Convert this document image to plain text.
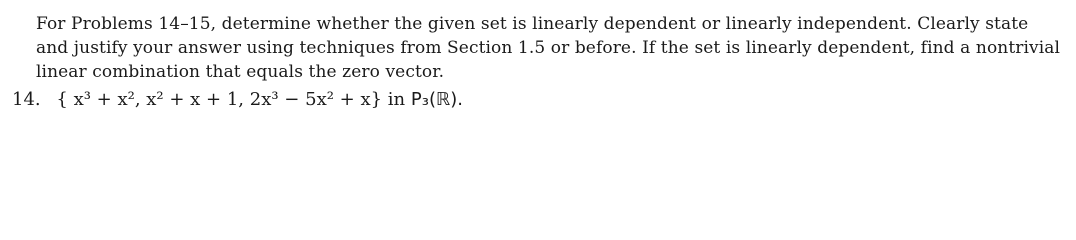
For Problems 14–15, determine whether the given set is linearly dependent or linearly independent. Clearly state
and justify your answer using techniques from Section 1.5 or before. If the set is linearly dependent, find a nontrivial
linear combination that equals the zero vector.

14. { x³ + x², x² + x + 1, 2x³ − 5x² + x} in P₃(ℝ).
